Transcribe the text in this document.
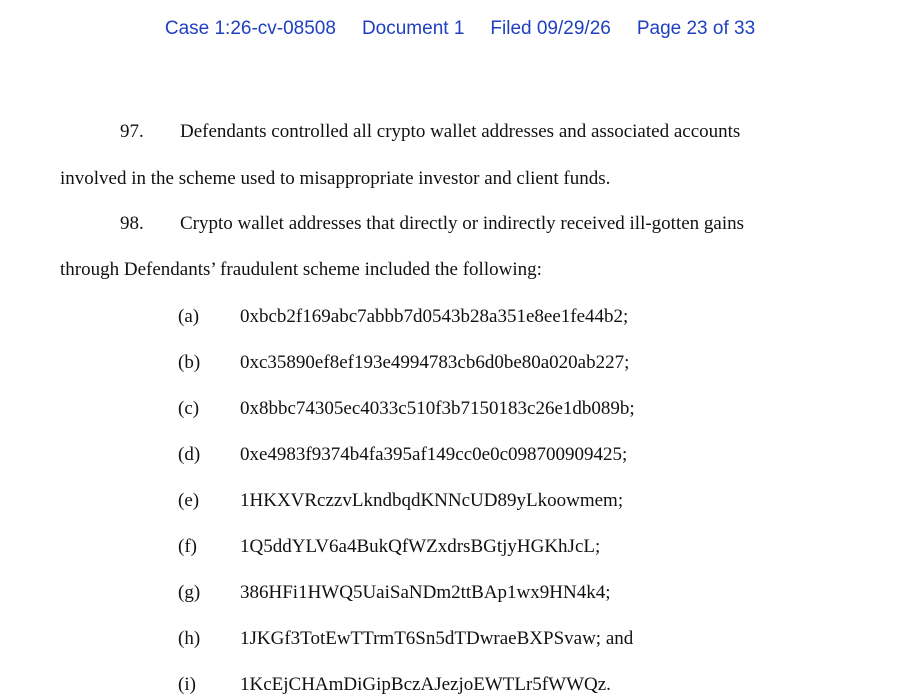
Case 1:26-cv-08508 Document 1 Filed 09/29/26 Page 23 of 33
97. Defendants controlled all crypto wallet addresses and associated accounts
involved in the scheme used to misappropriate investor and client funds.
98. Crypto wallet addresses that directly or indirectly received ill-gotten gains
through Defendants’ fraudulent scheme included the following:
(a) 0xbcb2f169abc7abbb7d0543b28a351e8ee1fe44b2;
(b) 0xc35890ef8ef193e4994783cb6d0be80a020ab227;
(c) 0x8bbc74305ec4033c510f3b7150183c26e1db089b;
(d) 0xe4983f9374b4fa395af149cc0e0c098700909425;
(e) 1HKXVRczzvLkndbqdKNNcUD89yLkoowmem;
(f) 1Q5ddYLV6a4BukQfWZxdrsBGtjyHGKhJcL;
(g) 386HFi1HWQ5UaiSaNDm2ttBAp1wx9HN4k4;
(h) 1JKGf3TotEwTTrmT6Sn5dTDwraeBXPSvaw; and
(i) 1KcEjCHAmDiGipBczAJezjoEWTLr5fWWQz.
